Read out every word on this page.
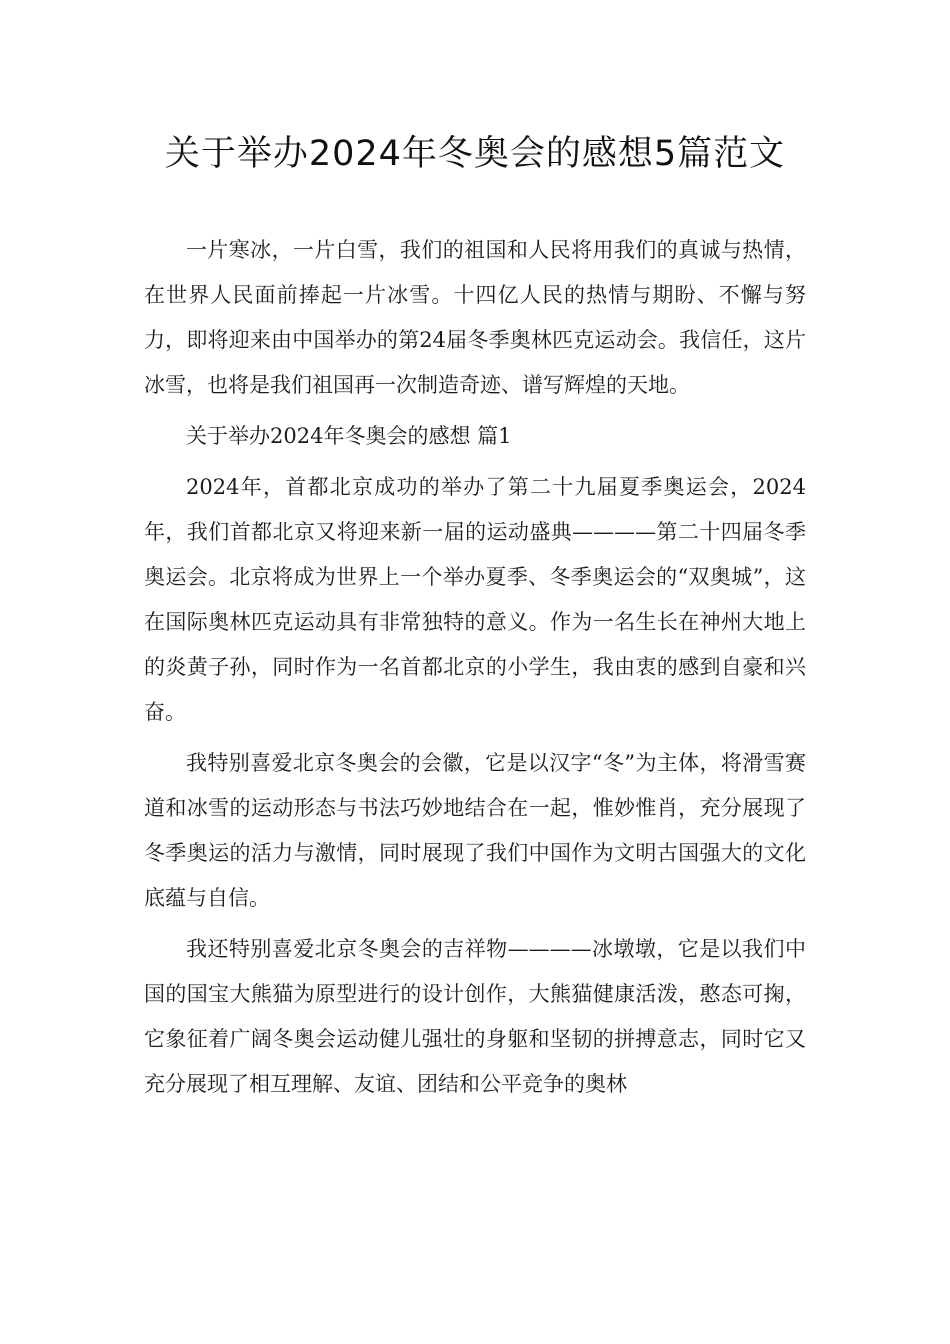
关于举办2024年冬奥会的感想5篇范文

一片寒冰，一片白雪，我们的祖国和人民将用我们的真诚与热情，在世界人民面前捧起一片冰雪。十四亿人民的热情与期盼、不懈与努力，即将迎来由中国举办的第24届冬季奥林匹克运动会。我信任，这片冰雪，也将是我们祖国再一次制造奇迹、谱写辉煌的天地。

关于举办2024年冬奥会的感想 篇1

2024年，首都北京成功的举办了第二十九届夏季奥运会，2024年，我们首都北京又将迎来新一届的运动盛典————第二十四届冬季奥运会。北京将成为世界上一个举办夏季、冬季奥运会的“双奥城”，这在国际奥林匹克运动具有非常独特的意义。作为一名生长在神州大地上的炎黄子孙，同时作为一名首都北京的小学生，我由衷的感到自豪和兴奋。

我特别喜爱北京冬奥会的会徽，它是以汉字“冬”为主体，将滑雪赛道和冰雪的运动形态与书法巧妙地结合在一起，惟妙惟肖，充分展现了冬季奥运的活力与激情，同时展现了我们中国作为文明古国强大的文化底蕴与自信。

我还特别喜爱北京冬奥会的吉祥物————冰墩墩，它是以我们中国的国宝大熊猫为原型进行的设计创作，大熊猫健康活泼，憨态可掬，它象征着广阔冬奥会运动健儿强壮的身躯和坚韧的拼搏意志，同时它又充分展现了相互理解、友谊、团结和公平竞争的奥林
